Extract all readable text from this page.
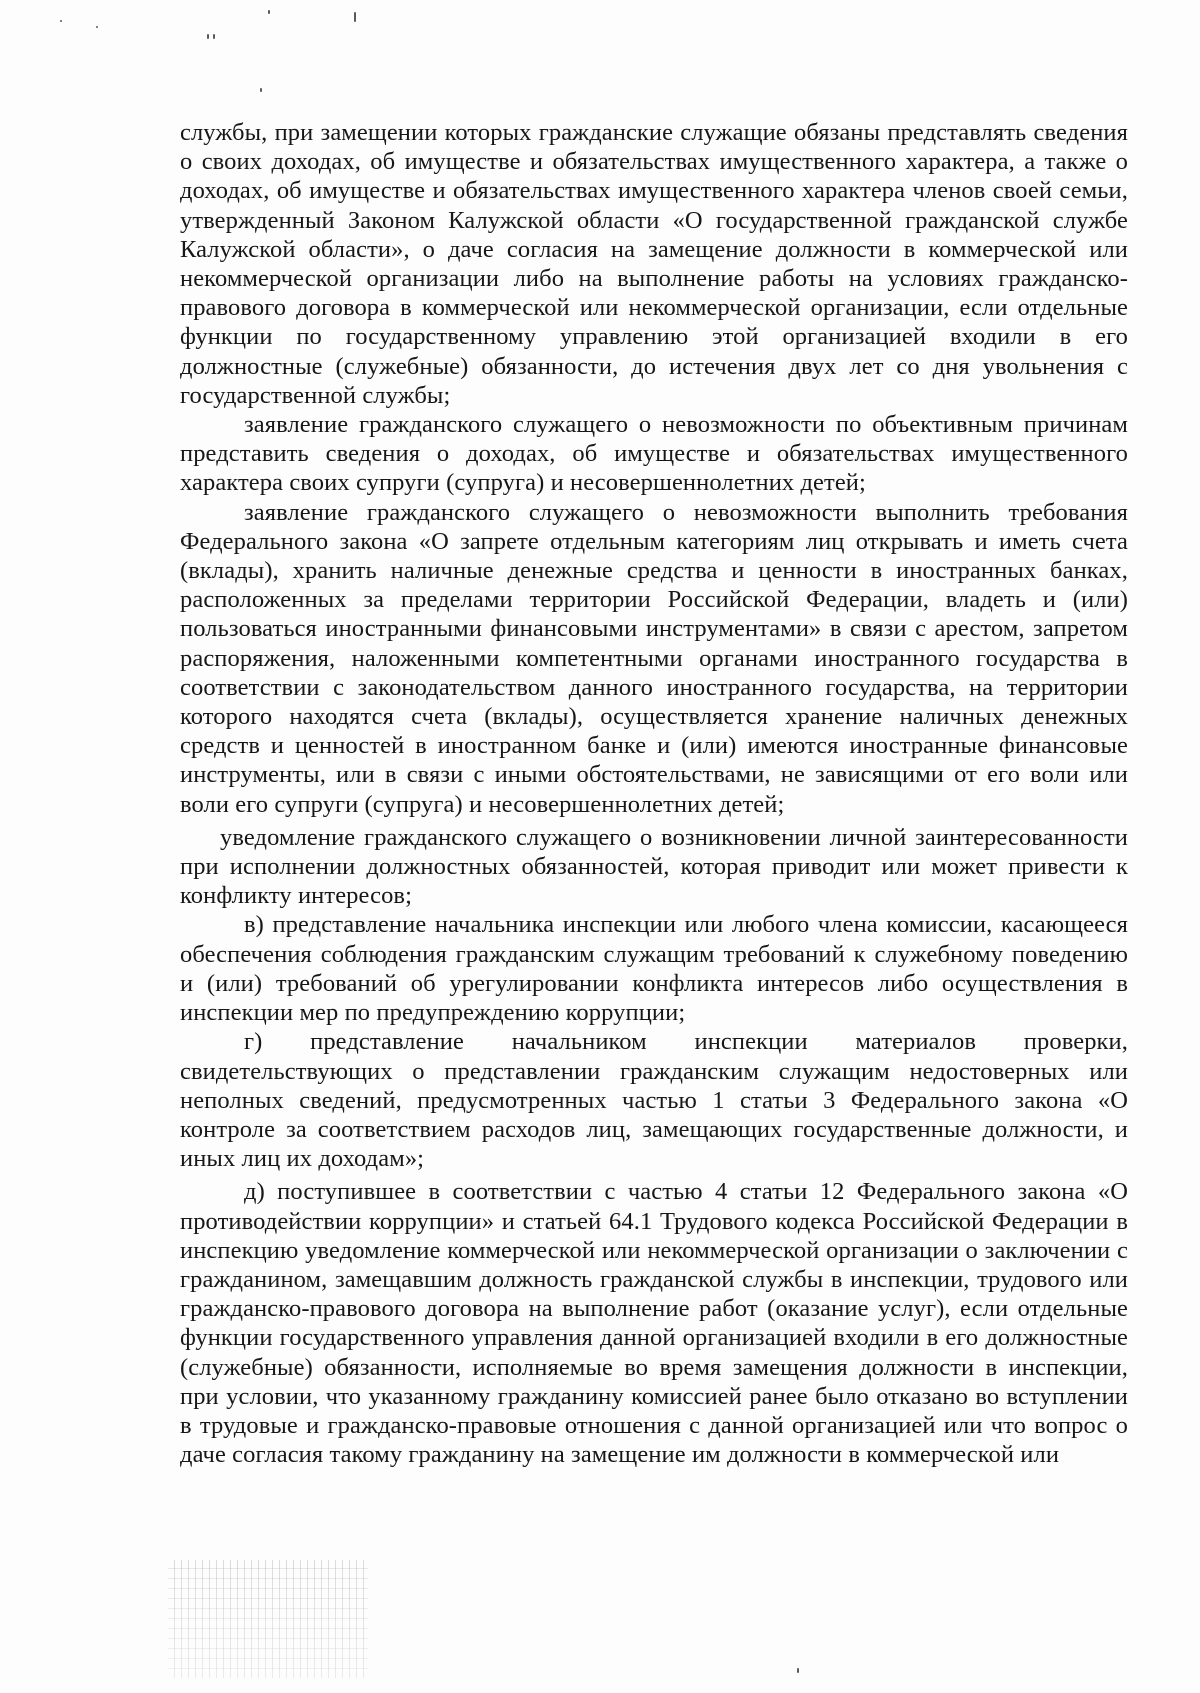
службы, при замещении которых гражданские служащие обязаны представлять сведения о своих доходах, об имуществе и обязательствах имущественного характера, а также о доходах, об имуществе и обязательствах имущественного характера членов своей семьи, утвержденный Законом Калужской области «О государственной гражданской службе Калужской области», о даче согласия на замещение должности в коммерческой или некоммерческой организации либо на выполнение работы на условиях гражданско-правового договора в коммерческой или некоммерческой организации, если отдельные функции по государственному управлению этой организацией входили в его должностные (служебные) обязанности, до истечения двух лет со дня увольнения с государственной службы;

заявление гражданского служащего о невозможности по объективным причинам представить сведения о доходах, об имуществе и обязательствах имущественного характера своих супруги (супруга) и несовершеннолетних детей;

заявление гражданского служащего о невозможности выполнить требования Федерального закона «О запрете отдельным категориям лиц открывать и иметь счета (вклады), хранить наличные денежные средства и ценности в иностранных банках, расположенных за пределами территории Российской Федерации, владеть и (или) пользоваться иностранными финансовыми инструментами» в связи с арестом, запретом распоряжения, наложенными компетентными органами иностранного государства в соответствии с законодательством данного иностранного государства, на территории которого находятся счета (вклады), осуществляется хранение наличных денежных средств и ценностей в иностранном банке и (или) имеются иностранные финансовые инструменты, или в связи с иными обстоятельствами, не зависящими от его воли или воли его супруги (супруга) и несовершеннолетних детей;

уведомление гражданского служащего о возникновении личной заинтересованности при исполнении должностных обязанностей, которая приводит или может привести к конфликту интересов;

в) представление начальника инспекции или любого члена комиссии, касающееся обеспечения соблюдения гражданским служащим требований к служебному поведению и (или) требований об урегулировании конфликта интересов либо осуществления в инспекции мер по предупреждению коррупции;

г) представление начальником инспекции материалов проверки, свидетельствующих о представлении гражданским служащим недостоверных или неполных сведений, предусмотренных частью 1 статьи 3 Федерального закона «О контроле за соответствием расходов лиц, замещающих государственные должности, и иных лиц их доходам»;

д) поступившее в соответствии с частью 4 статьи 12 Федерального закона «О противодействии коррупции» и статьей 64.1 Трудового кодекса Российской Федерации в инспекцию уведомление коммерческой или некоммерческой организации о заключении с гражданином, замещавшим должность гражданской службы в инспекции, трудового или гражданско-правового договора на выполнение работ (оказание услуг), если отдельные функции государственного управления данной организацией входили в его должностные (служебные) обязанности, исполняемые во время замещения должности в инспекции, при условии, что указанному гражданину комиссией ранее было отказано во вступлении в трудовые и гражданско-правовые отношения с данной организацией или что вопрос о даче согласия такому гражданину на замещение им должности в коммерческой или
